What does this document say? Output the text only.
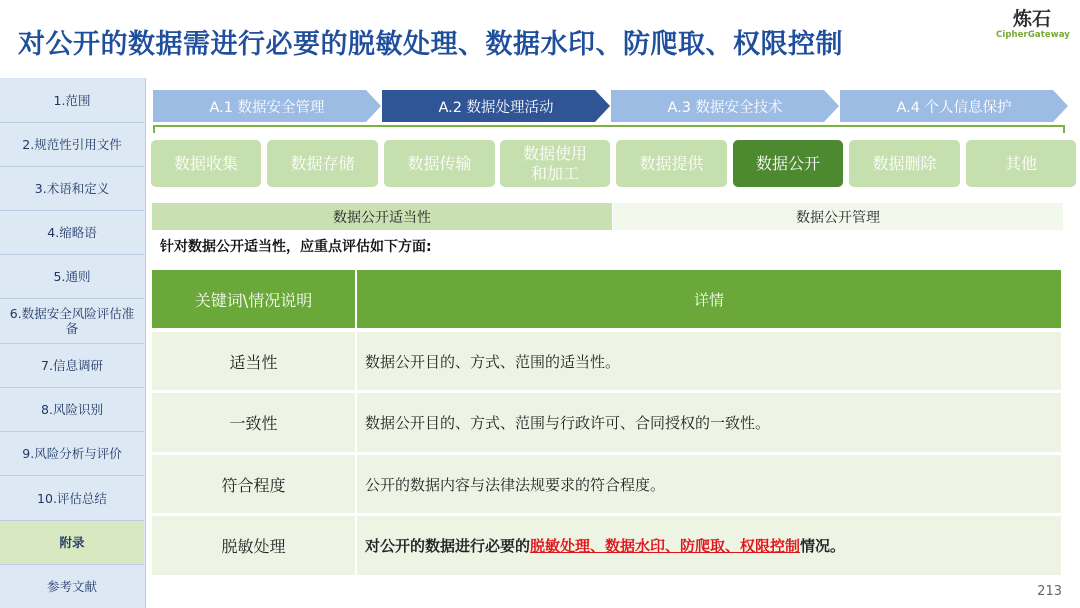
对公开的数据需进行必要的脱敏处理、数据水印、防爬取、权限控制
炼石
CipherGateway
1.范围
2.规范性引用文件
3.术语和定义
4.缩略语
5.通则
6.数据安全风险评估准备
7.信息调研
8.风险识别
9.风险分析与评价
10.评估总结
附录
参考文献
A.1 数据安全管理	A.2 数据处理活动	A.3 数据安全技术	A.4 个人信息保护
数据收集	数据存储	数据传输
数据使用
和加工
数据提供	数据公开	数据删除	其他
数据公开适当性	数据公开管理
针对数据公开适当性，应重点评估如下方面:
关键词\情况说明	详情
适当性	数据公开目的、方式、范围的适当性。
一致性	数据公开目的、方式、范围与行政许可、合同授权的一致性。
符合程度	公开的数据内容与法律法规要求的符合程度。
脱敏处理	对公开的数据进行必要的 脱敏处理、数据水印、防爬取、权限控制 情况。
213
